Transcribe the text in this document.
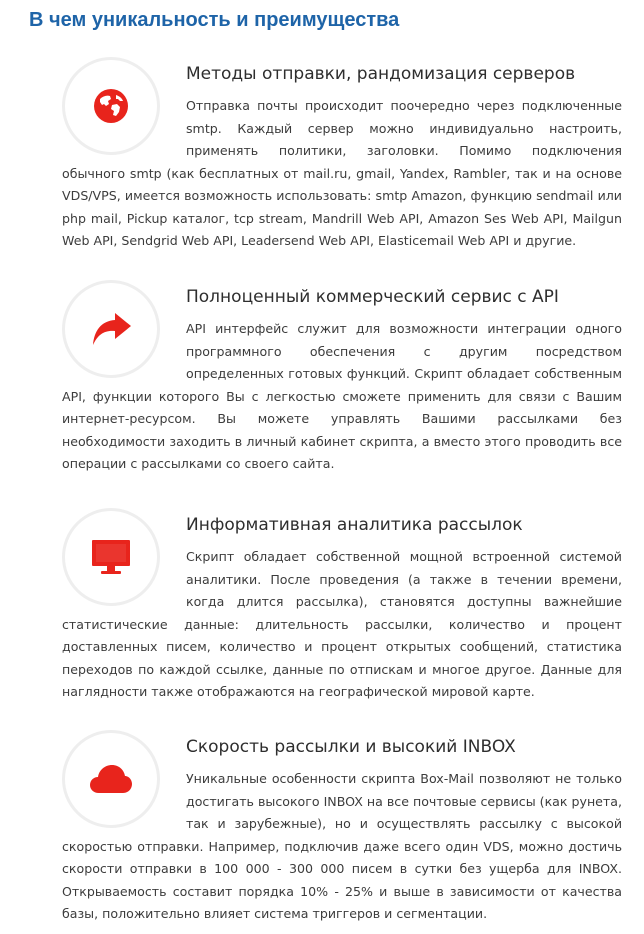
В чем уникальность и преимущества
Методы отправки, рандомизация серверов

Отправка почты происходит поочередно через подключенные smtp. Каждый сервер можно индивидуально настроить, применять политики, заголовки. Помимо подключения обычного smtp (как бесплатных от mail.ru, gmail, Yandex, Rambler, так и на основе VDS/VPS, имеется возможность использовать: smtp Amazon, функцию sendmail или php mail, Pickup каталог, tcp stream, Mandrill Web API, Amazon Ses Web API, Mailgun Web API, Sendgrid Web API, Leadersend Web API, Elasticemail Web API и другие.

Полноценный коммерческий сервис с API

API интерфейс служит для возможности интеграции одного программного обеспечения с другим посредством определенных готовых функций. Скрипт обладает собственным API, функции которого Вы с легкостью сможете применить для связи с Вашим интернет-ресурсом. Вы можете управлять Вашими рассылками без необходимости заходить в личный кабинет скрипта, а вместо этого проводить все операции с рассылками со своего сайта.

Информативная аналитика рассылок

Скрипт обладает собственной мощной встроенной системой аналитики. После проведения (а также в течении времени, когда длится рассылка), становятся доступны важнейшие статистические данные: длительность рассылки, количество и процент доставленных писем, количество и процент открытых сообщений, статистика переходов по каждой ссылке, данные по отпискам и многое другое. Данные для наглядности также отображаются на географической мировой карте.

Скорость рассылки и высокий INBOX

Уникальные особенности скрипта Box-Mail позволяют не только достигать высокого INBOX на все почтовые сервисы (как рунета, так и зарубежные), но и осуществлять рассылку с высокой скоростью отправки. Например, подключив даже всего один VDS, можно достичь скорости отправки в 100 000 - 300 000 писем в сутки без ущерба для INBOX. Открываемость составит порядка 10% - 25% и выше в зависимости от качества базы, положительно влияет система триггеров и сегментации.
